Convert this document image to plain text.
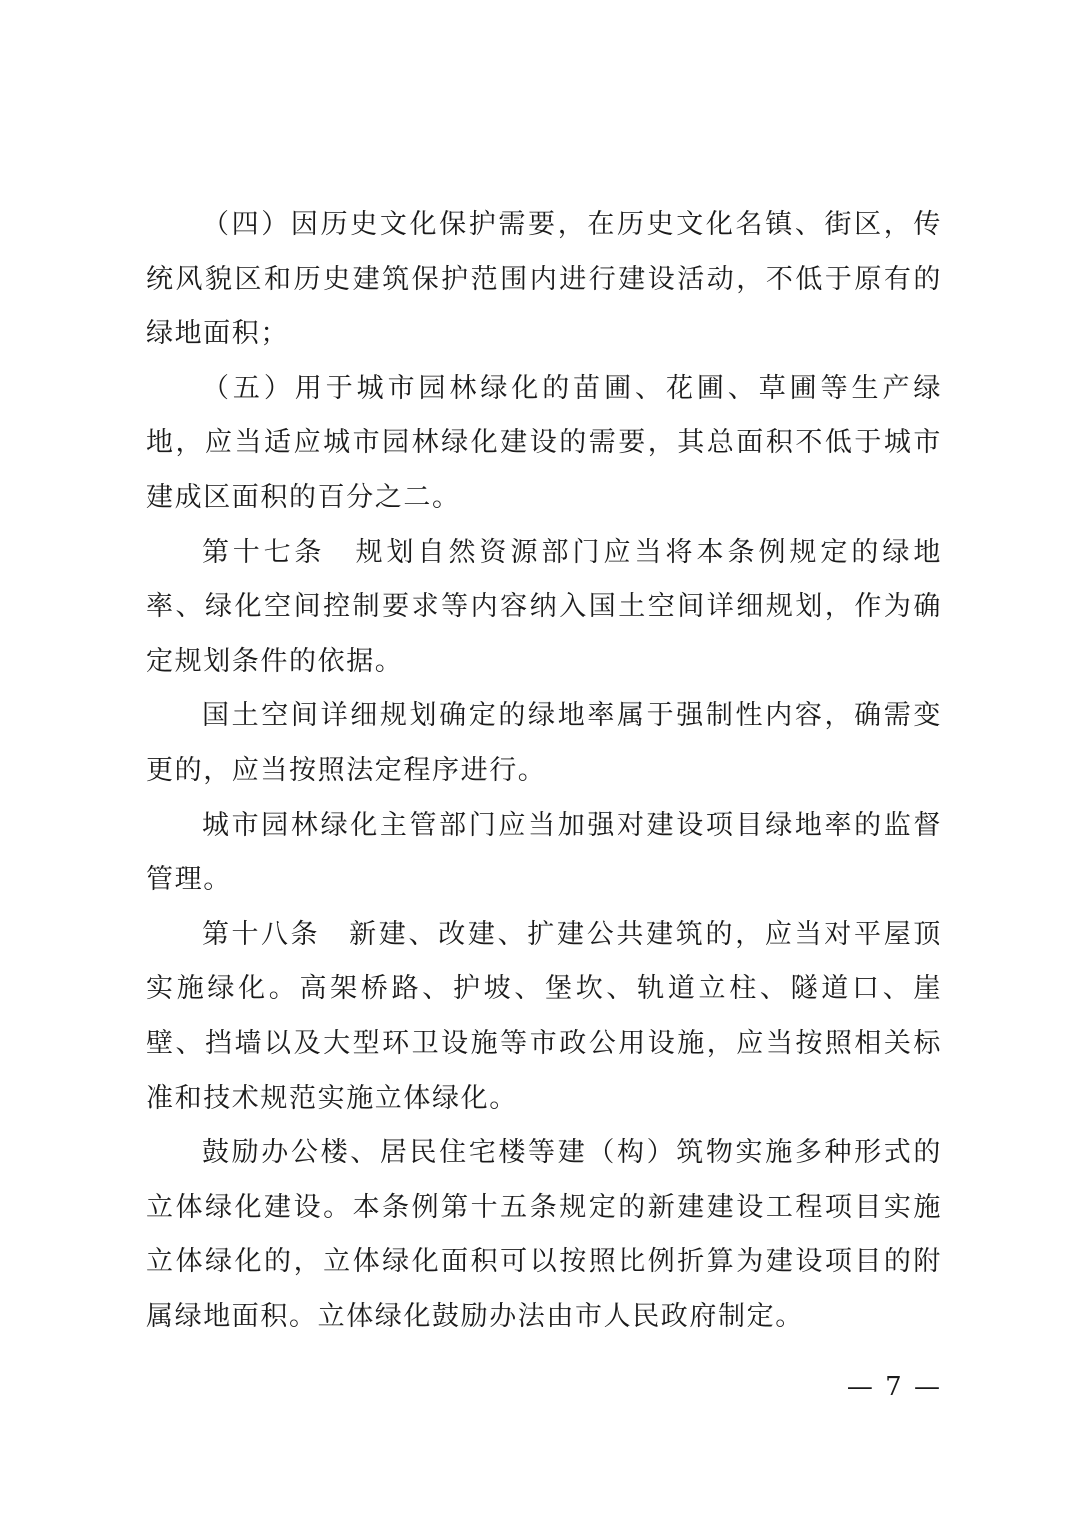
（四）因历史文化保护需要，在历史文化名镇、街区，传统风貌区和历史建筑保护范围内进行建设活动，不低于原有的绿地面积；

（五）用于城市园林绿化的苗圃、花圃、草圃等生产绿地，应当适应城市园林绿化建设的需要，其总面积不低于城市建成区面积的百分之二。

第十七条 规划自然资源部门应当将本条例规定的绿地率、绿化空间控制要求等内容纳入国土空间详细规划，作为确定规划条件的依据。

国土空间详细规划确定的绿地率属于强制性内容，确需变更的，应当按照法定程序进行。

城市园林绿化主管部门应当加强对建设项目绿地率的监督管理。

第十八条 新建、改建、扩建公共建筑的，应当对平屋顶实施绿化。高架桥路、护坡、堡坎、轨道立柱、隧道口、崖壁、挡墙以及大型环卫设施等市政公用设施，应当按照相关标准和技术规范实施立体绿化。

鼓励办公楼、居民住宅楼等建（构）筑物实施多种形式的立体绿化建设。本条例第十五条规定的新建建设工程项目实施立体绿化的，立体绿化面积可以按照比例折算为建设项目的附属绿地面积。立体绿化鼓励办法由市人民政府制定。

— 7 —
